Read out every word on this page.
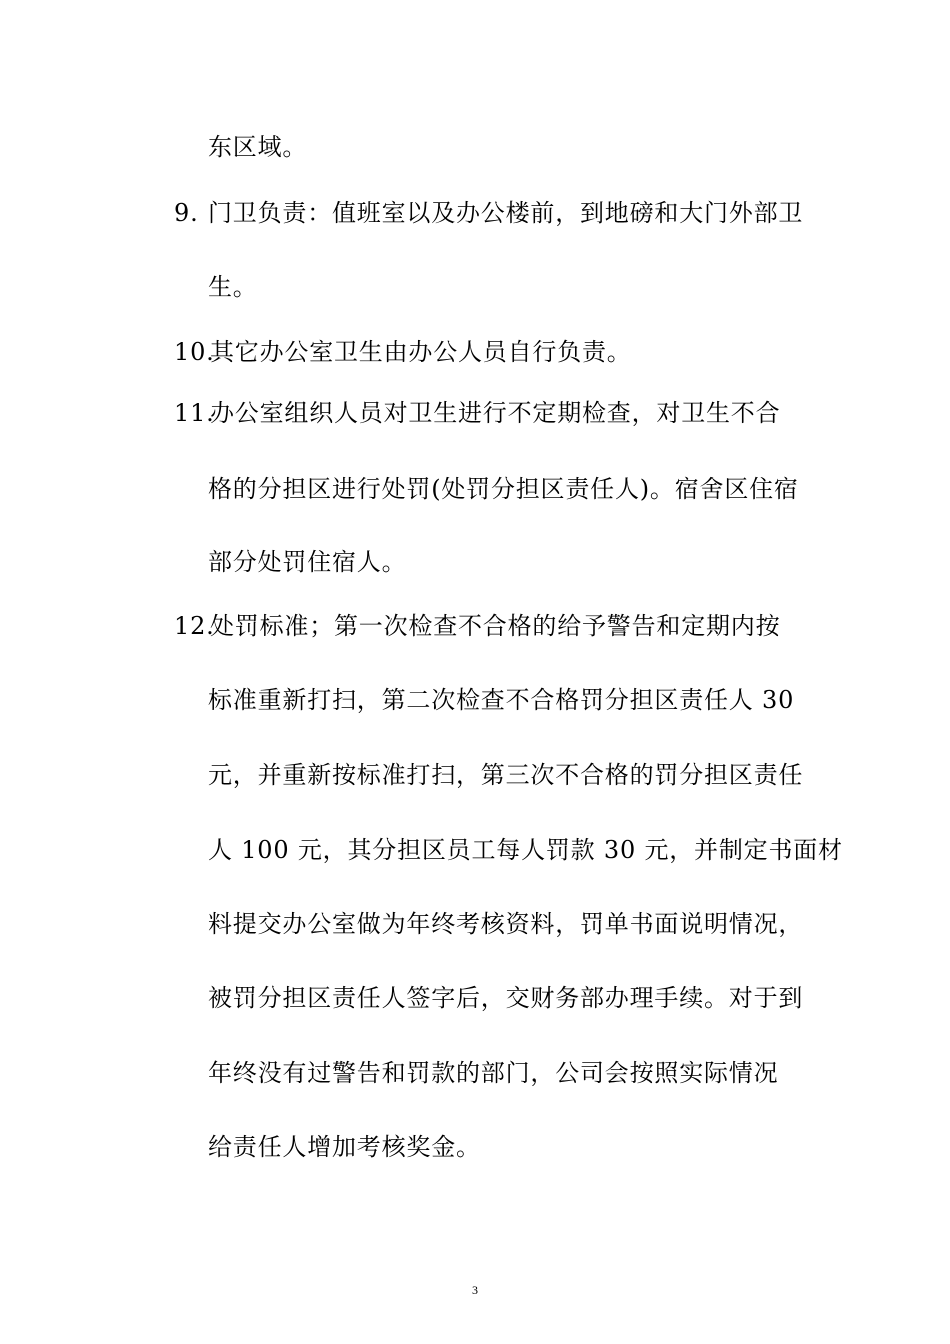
东区域。
9. 门卫负责：值班室以及办公楼前，到地磅和大门外部卫
生。
10.其它办公室卫生由办公人员自行负责。
11.办公室组织人员对卫生进行不定期检查，对卫生不合
格的分担区进行处罚(处罚分担区责任人)。宿舍区住宿
部分处罚住宿人。
12.处罚标准；第一次检查不合格的给予警告和定期内按
标准重新打扫，第二次检查不合格罚分担区责任人 30
元，并重新按标准打扫，第三次不合格的罚分担区责任
人 100 元，其分担区员工每人罚款 30 元，并制定书面材
料提交办公室做为年终考核资料，罚单书面说明情况，
被罚分担区责任人签字后，交财务部办理手续。对于到
年终没有过警告和罚款的部门，公司会按照实际情况
给责任人增加考核奖金。
3
